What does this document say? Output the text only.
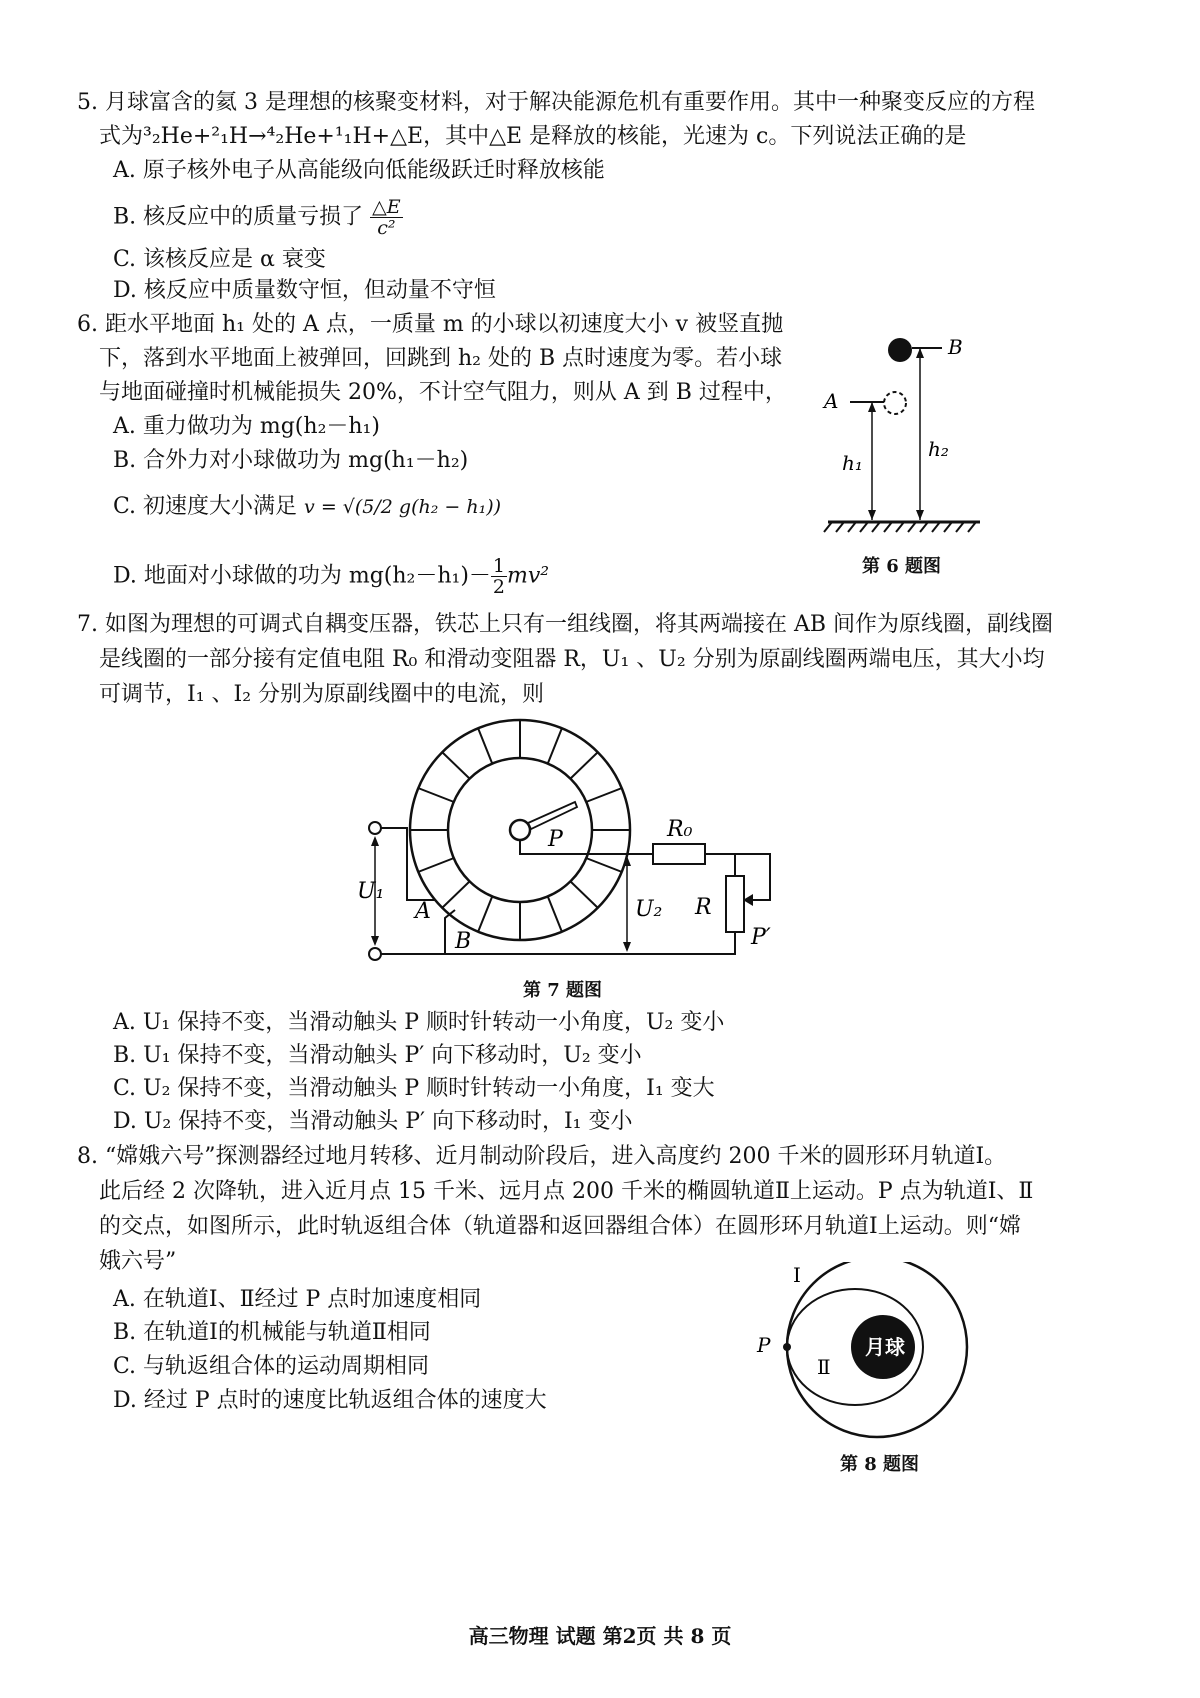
5. 月球富含的氦 3 是理想的核聚变材料，对于解决能源危机有重要作用。其中一种聚变反应的方程
式为³₂He+²₁H→⁴₂He+¹₁H+△E，其中△E 是释放的核能，光速为 c。下列说法正确的是
A. 原子核外电子从高能级向低能级跃迁时释放核能
B. 核反应中的质量亏损了 $\frac{\triangle E}{\text{c²}}$
C. 该核反应是 α 衰变
D. 核反应中质量数守恒，但动量不守恒
6. 距水平地面 h₁ 处的 A 点，一质量 m 的小球以初速度大小 v 被竖直抛
下，落到水平地面上被弹回，回跳到 h₂ 处的 B 点时速度为零。若小球
与地面碰撞时机械能损失 20%，不计空气阻力，则从 A 到 B 过程中，
A. 重力做功为 mg(h₂－h₁)
B. 合外力对小球做功为 mg(h₁－h₂)
C. 初速度大小满足 v = √(5/2 g(h₂ − h₁))
D. 地面对小球做的功为 $mg(h_2-h_1)- \frac{1}{2} mv^2$
B
A
h₁
h₂
第 6 题图
7. 如图为理想的可调式自耦变压器，铁芯上只有一组线圈，将其两端接在 AB 间作为原线圈，副线圈
是线圈的一部分接有定值电阻 R₀ 和滑动变阻器 R，U₁ 、U₂ 分别为原副线圈两端电压，其大小均
可调节，I₁ 、I₂ 分别为原副线圈中的电流，则
P	R₀
U₁
U₂ R
P′
A
B
第 7 题图
A. U₁ 保持不变，当滑动触头 P 顺时针转动一小角度，U₂ 变小
B. U₁ 保持不变，当滑动触头 P′ 向下移动时，U₂ 变小
C. U₂ 保持不变，当滑动触头 P 顺时针转动一小角度，I₁ 变大
D. U₂ 保持不变，当滑动触头 P′ 向下移动时，I₁ 变小
8. “嫦娥六号”探测器经过地月转移、近月制动阶段后，进入高度约 200 千米的圆形环月轨道Ⅰ。
此后经 2 次降轨，进入近月点 15 千米、远月点 200 千米的椭圆轨道Ⅱ上运动。P 点为轨道Ⅰ、Ⅱ
的交点，如图所示，此时轨返组合体（轨道器和返回器组合体）在圆形环月轨道Ⅰ上运动。则“嫦
娥六号”
A. 在轨道Ⅰ、Ⅱ经过 P 点时加速度相同
B. 在轨道Ⅰ的机械能与轨道Ⅱ相同
C. 与轨返组合体的运动周期相同
D. 经过 P 点时的速度比轨返组合体的速度大
月球
Ⅰ
Ⅱ
P
第 8 题图
高三物理 试题 第2页 共 8 页
